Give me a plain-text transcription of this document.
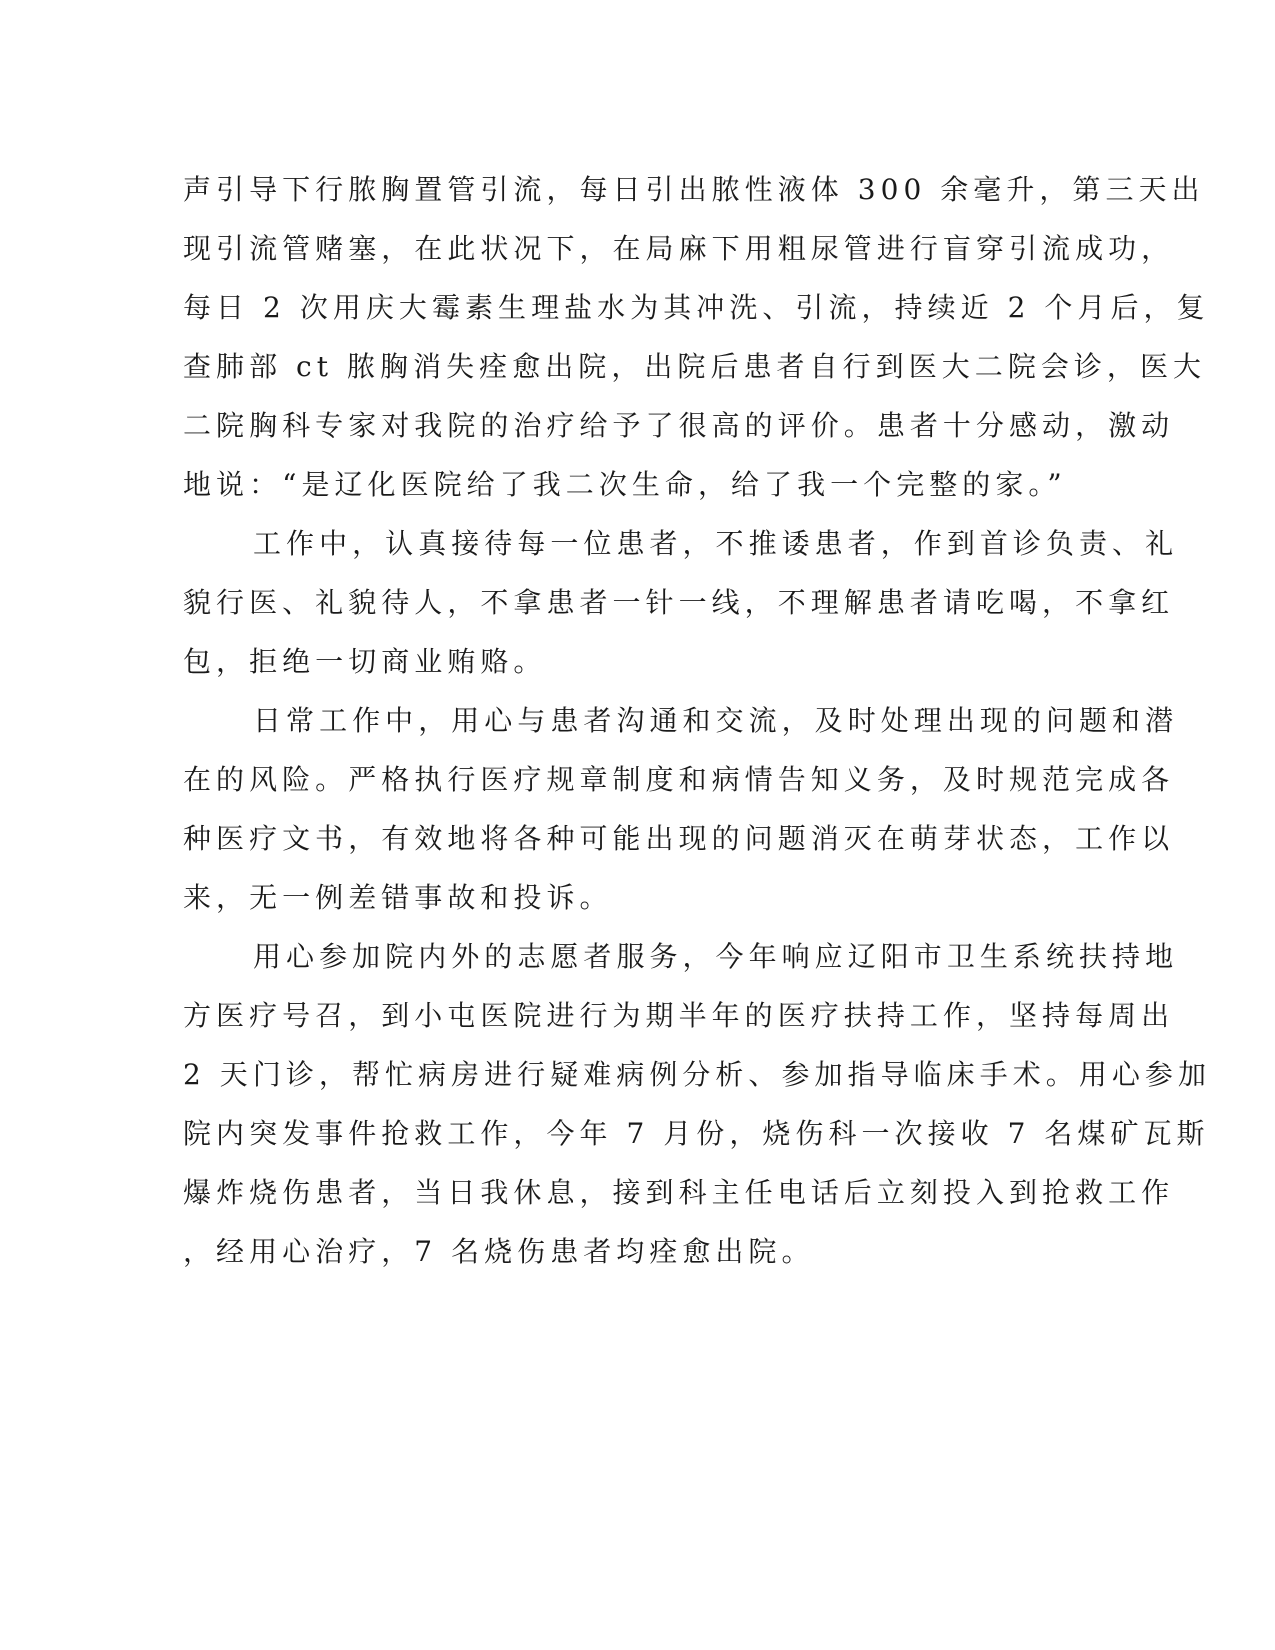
声引导下行脓胸置管引流，每日引出脓性液体 300 余毫升，第三天出
现引流管赌塞，在此状况下，在局麻下用粗尿管进行盲穿引流成功，
每日 2 次用庆大霉素生理盐水为其冲洗、引流，持续近 2 个月后，复
查肺部 ct 脓胸消失痊愈出院，出院后患者自行到医大二院会诊，医大
二院胸科专家对我院的治疗给予了很高的评价。患者十分感动，激动
地说：“是辽化医院给了我二次生命，给了我一个完整的家。”
工作中，认真接待每一位患者，不推诿患者，作到首诊负责、礼
貌行医、礼貌待人，不拿患者一针一线，不理解患者请吃喝，不拿红
包，拒绝一切商业贿赂。
日常工作中，用心与患者沟通和交流，及时处理出现的问题和潜
在的风险。严格执行医疗规章制度和病情告知义务，及时规范完成各
种医疗文书，有效地将各种可能出现的问题消灭在萌芽状态，工作以
来，无一例差错事故和投诉。
用心参加院内外的志愿者服务，今年响应辽阳市卫生系统扶持地
方医疗号召，到小屯医院进行为期半年的医疗扶持工作，坚持每周出
2 天门诊，帮忙病房进行疑难病例分析、参加指导临床手术。用心参加
院内突发事件抢救工作，今年 7 月份，烧伤科一次接收 7 名煤矿瓦斯
爆炸烧伤患者，当日我休息，接到科主任电话后立刻投入到抢救工作
，经用心治疗，7 名烧伤患者均痊愈出院。
